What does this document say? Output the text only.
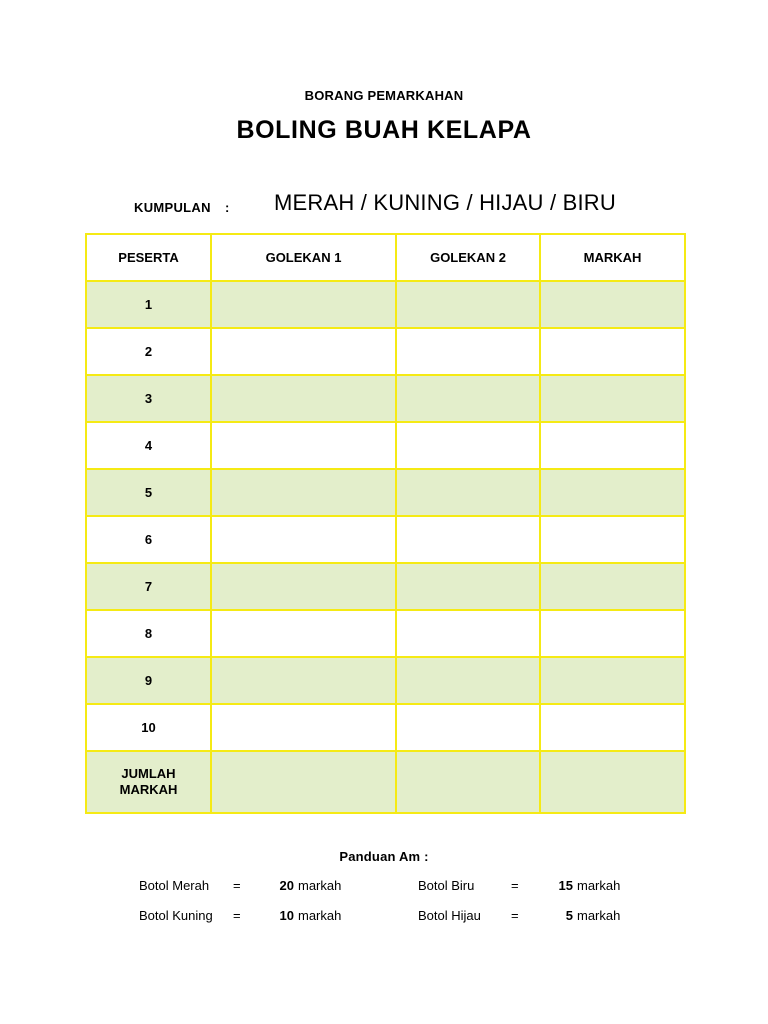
BORANG PEMARKAHAN
BOLING BUAH KELAPA
KUMPULAN : MERAH / KUNING / HIJAU / BIRU
PESERTA	GOLEKAN 1	GOLEKAN 2	MARKAH
1			
2			
3			
4			
5			
6			
7			
8			
9			
10			
JUMLAH
MARKAH			
Panduan Am :
Botol Merah =	20 markah	Botol Biru	=	15 markah
Botol Kuning =	10 markah	Botol Hijau =	5 markah
